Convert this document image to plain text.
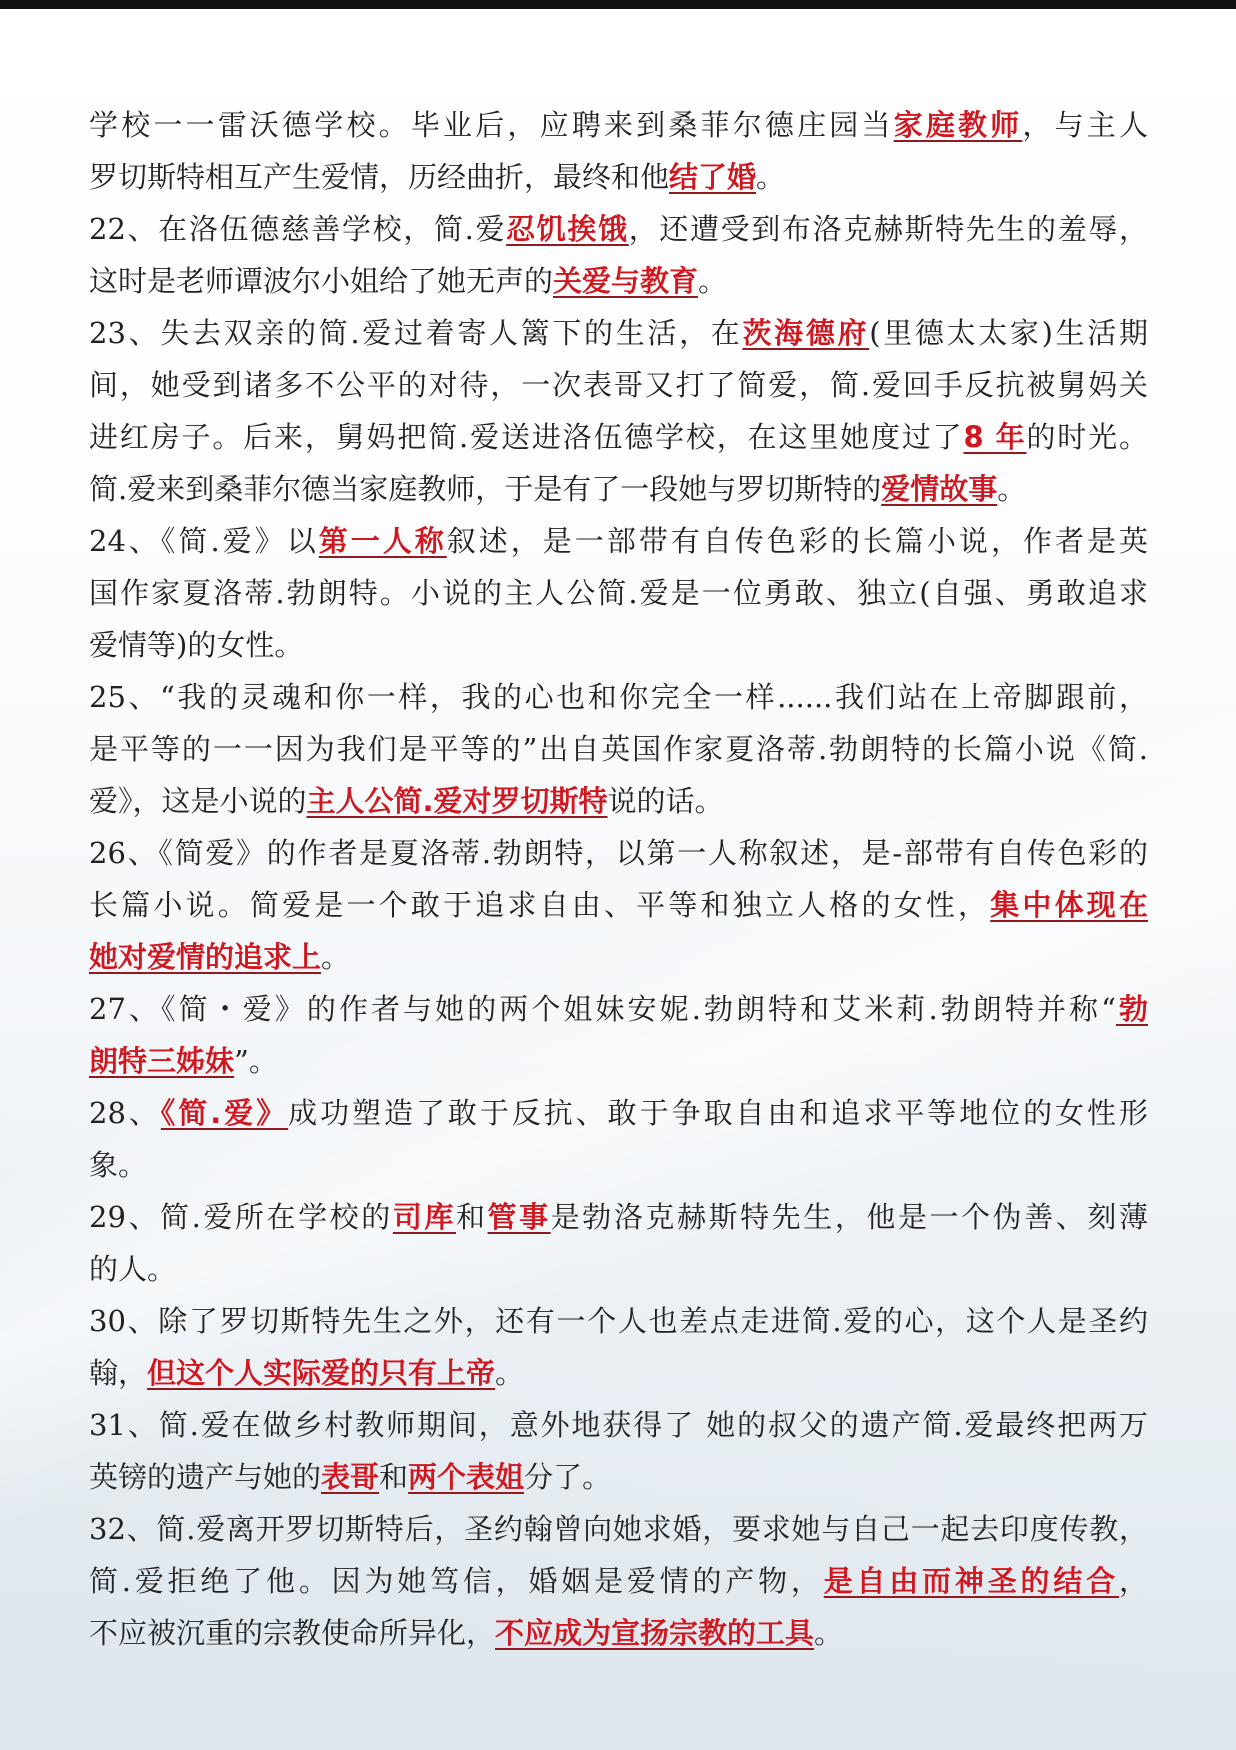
学校一一雷沃德学校。毕业后，应聘来到桑菲尔德庄园当家庭教师，与主人
罗切斯特相互产生爱情，历经曲折，最终和他结了婚。
22、在洛伍德慈善学校，简.爱忍饥挨饿，还遭受到布洛克赫斯特先生的羞辱，
这时是老师谭波尔小姐给了她无声的关爱与教育。
23、失去双亲的简.爱过着寄人篱下的生活，在茨海德府(里德太太家)生活期
间，她受到诸多不公平的对待，一次表哥又打了简爱，简.爱回手反抗被舅妈关
进红房子。后来，舅妈把简.爱送进洛伍德学校，在这里她度过了8 年的时光。
简.爱来到桑菲尔德当家庭教师，于是有了一段她与罗切斯特的爱情故事。
24、《简.爱》以第一人称叙述，是一部带有自传色彩的长篇小说，作者是英
国作家夏洛蒂.勃朗特。小说的主人公简.爱是一位勇敢、独立(自强、勇敢追求
爱情等)的女性。
25、“我的灵魂和你一样，我的心也和你完全一样......我们站在上帝脚跟前，
是平等的一一因为我们是平等的”出自英国作家夏洛蒂.勃朗特的长篇小说《简.
爱》，这是小说的主人公简.爱对罗切斯特说的话。
26、《简爱》的作者是夏洛蒂.勃朗特，以第一人称叙述，是-部带有自传色彩的
长篇小说。简爱是一个敢于追求自由、平等和独立人格的女性，集中体现在
她对爱情的追求上。
27、《简・爱》的作者与她的两个姐妹安妮.勃朗特和艾米莉.勃朗特并称“勃
朗特三姊妹”。
28、《简.爱》成功塑造了敢于反抗、敢于争取自由和追求平等地位的女性形
象。
29、简.爱所在学校的司库和管事是勃洛克赫斯特先生，他是一个伪善、刻薄
的人。
30、除了罗切斯特先生之外，还有一个人也差点走进简.爱的心，这个人是圣约
翰，但这个人实际爱的只有上帝。
31、简.爱在做乡村教师期间，意外地获得了 她的叔父的遗产简.爱最终把两万
英镑的遗产与她的表哥和两个表姐分了。
32、简.爱离开罗切斯特后，圣约翰曾向她求婚，要求她与自己一起去印度传教，
简.爱拒绝了他。因为她笃信，婚姻是爱情的产物，是自由而神圣的结合，
不应被沉重的宗教使命所异化，不应成为宣扬宗教的工具。
